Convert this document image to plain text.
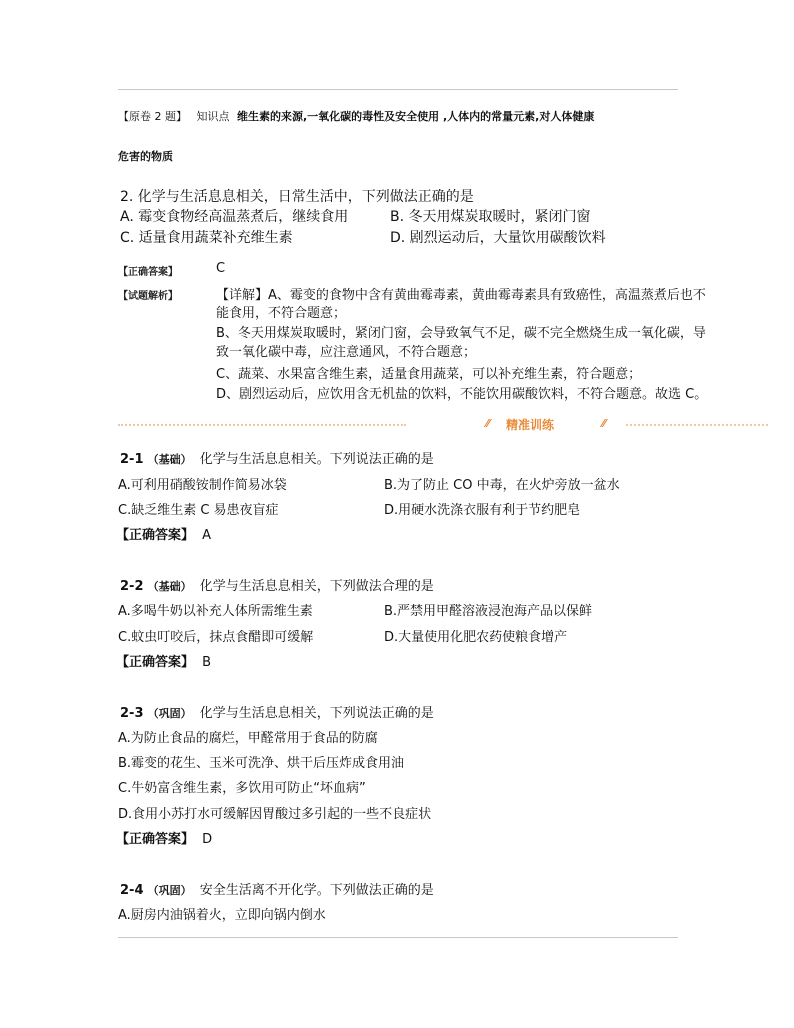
【原卷 2 题】 知识点 维生素的来源,一氧化碳的毒性及安全使用 ,人体内的常量元素,对人体健康
危害的物质
2. 化学与生活息息相关，日常生活中，下列做法正确的是
A. 霉变食物经高温蒸煮后，继续食用	B. 冬天用煤炭取暖时，紧闭门窗
C. 适量食用蔬菜补充维生素	D. 剧烈运动后，大量饮用碳酸饮料
【正确答案】	C
【试题解析】	【详解】A、霉变的食物中含有黄曲霉毒素，黄曲霉毒素具有致癌性，高温蒸煮后也不
能食用，不符合题意；
B、冬天用煤炭取暖时，紧闭门窗，会导致氧气不足，碳不完全燃烧生成一氧化碳，导
致一氧化碳中毒，应注意通风，不符合题意；
C、蔬菜、水果富含维生素，适量食用蔬菜，可以补充维生素，符合题意；
D、剧烈运动后，应饮用含无机盐的饮料，不能饮用碳酸饮料，不符合题意。故选 C。
⁄⁄ 精准训练	⁄⁄
2-1 （基础） 化学与生活息息相关。下列说法正确的是
A.可利用硝酸铵制作简易冰袋	B.为了防止 CO 中毒，在火炉旁放一盆水
C.缺乏维生素 C 易患夜盲症	D.用硬水洗涤衣服有利于节约肥皂
【正确答案】 A
2-2 （基础） 化学与生活息息相关，下列做法合理的是
A.多喝牛奶以补充人体所需维生素	B.严禁用甲醛溶液浸泡海产品以保鲜
C.蚊虫叮咬后，抹点食醋即可缓解	D.大量使用化肥农药使粮食增产
【正确答案】 B
2-3 （巩固） 化学与生活息息相关，下列说法正确的是
A.为防止食品的腐烂，甲醛常用于食品的防腐
B.霉变的花生、玉米可洗净、烘干后压炸成食用油
C.牛奶富含维生素，多饮用可防止“坏血病”
D.食用小苏打水可缓解因胃酸过多引起的一些不良症状
【正确答案】 D
2-4 （巩固） 安全生活离不开化学。下列做法正确的是
A.厨房内油锅着火，立即向锅内倒水
